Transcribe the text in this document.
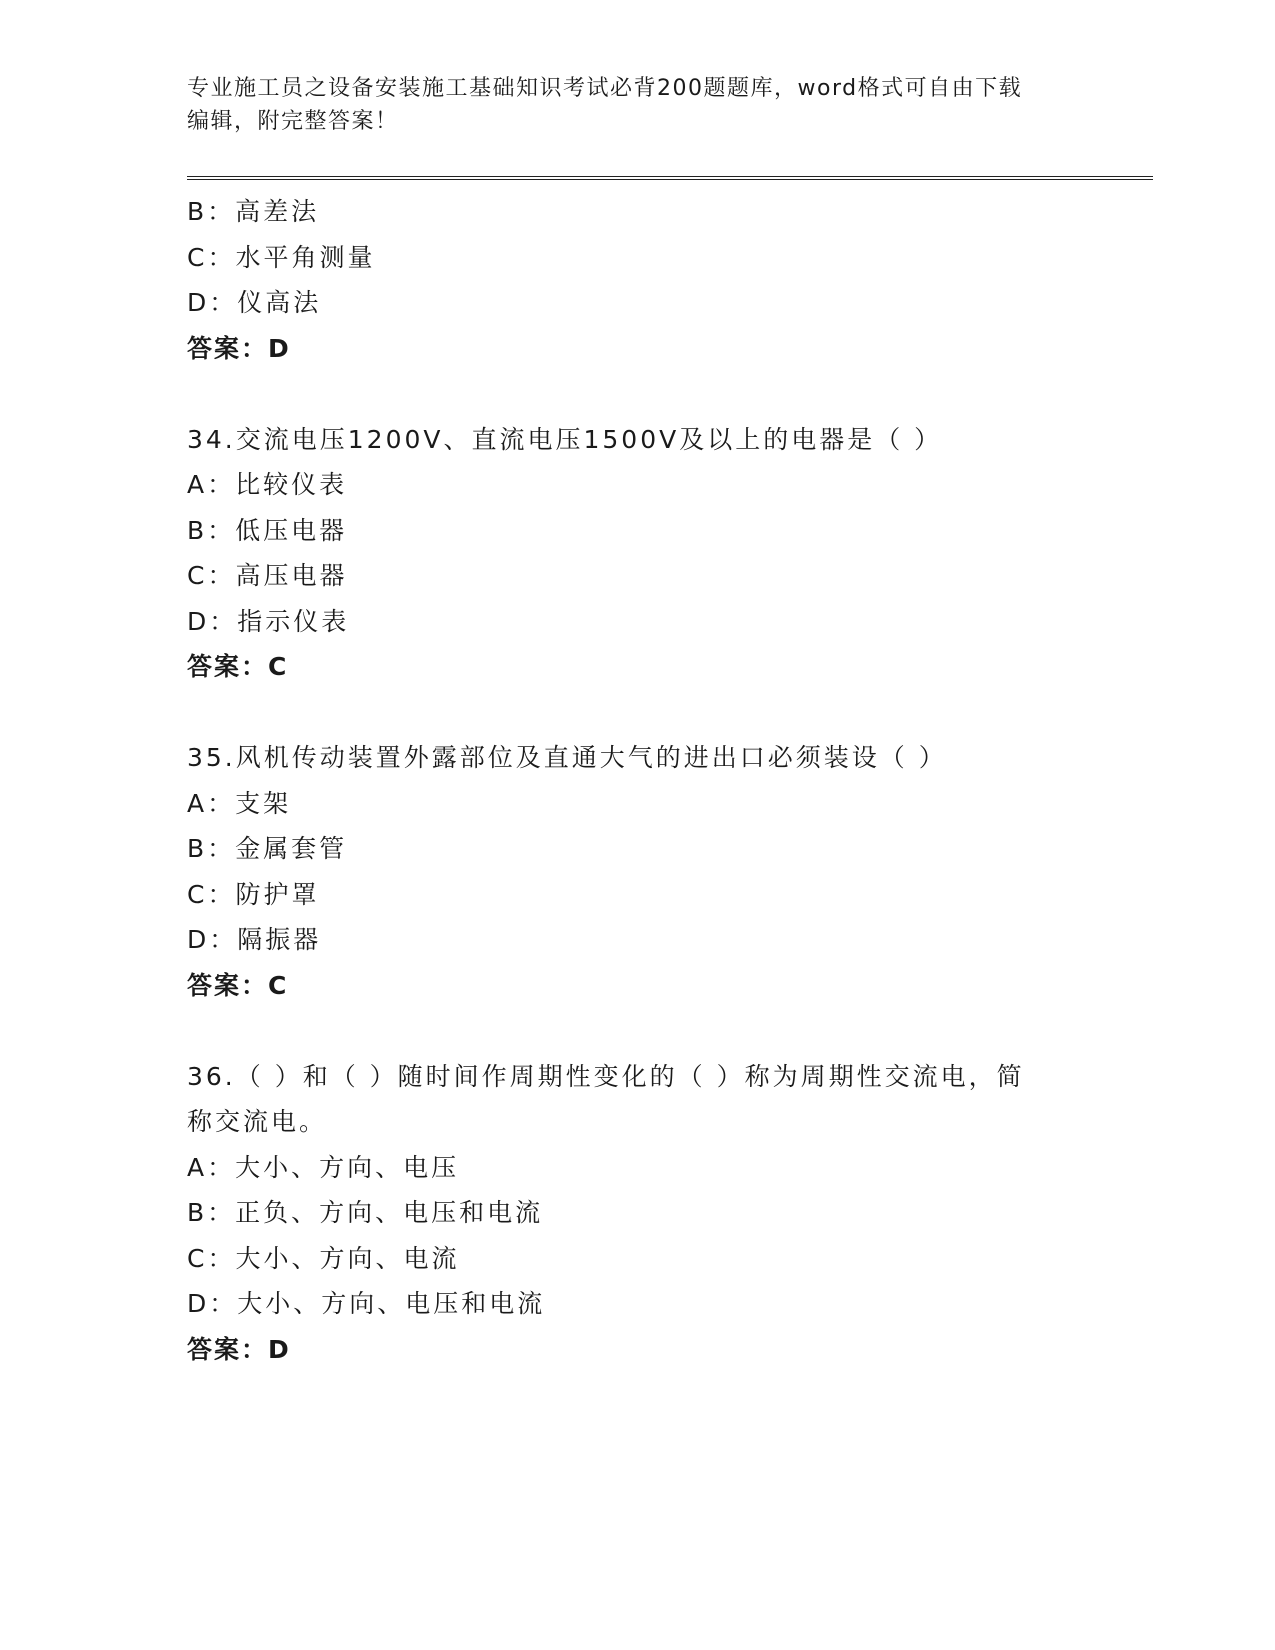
专业施工员之设备安装施工基础知识考试必背200题题库，word格式可自由下载
编辑，附完整答案！
B：高差法
C：水平角测量
D：仪高法
答案：D
34.交流电压1200V、直流电压1500V及以上的电器是（ ）
A：比较仪表
B：低压电器
C：高压电器
D：指示仪表
答案：C
35.风机传动装置外露部位及直通大气的进出口必须装设（ ）
A：支架
B：金属套管
C：防护罩
D：隔振器
答案：C
36.（ ）和（ ）随时间作周期性变化的（ ）称为周期性交流电，简
称交流电。
A：大小、方向、电压
B：正负、方向、电压和电流
C：大小、方向、电流
D：大小、方向、电压和电流
答案：D
